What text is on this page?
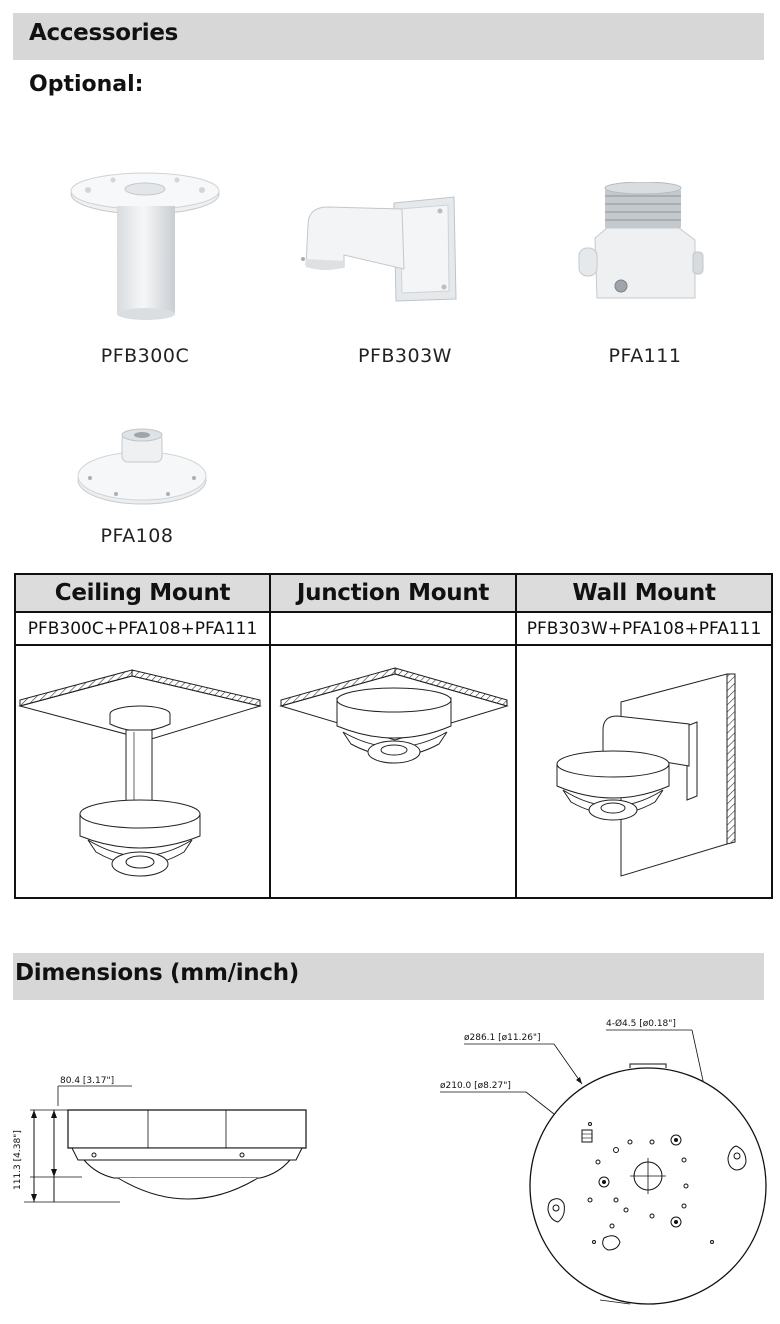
Accessories
Optional:
PFB300C	PFB303W	PFA111
PFA108
Ceiling Mount	Junction Mount	Wall Mount
PFB300C+PFA108+PFA111		PFB303W+PFA108+PFA111

Dimensions (mm/inch)
80.4 [3.17"]
111.3 [4.38"]
ø286.1 [ø11.26"]
4-Ø4.5 [ø0.18"]
ø210.0 [ø8.27"]
